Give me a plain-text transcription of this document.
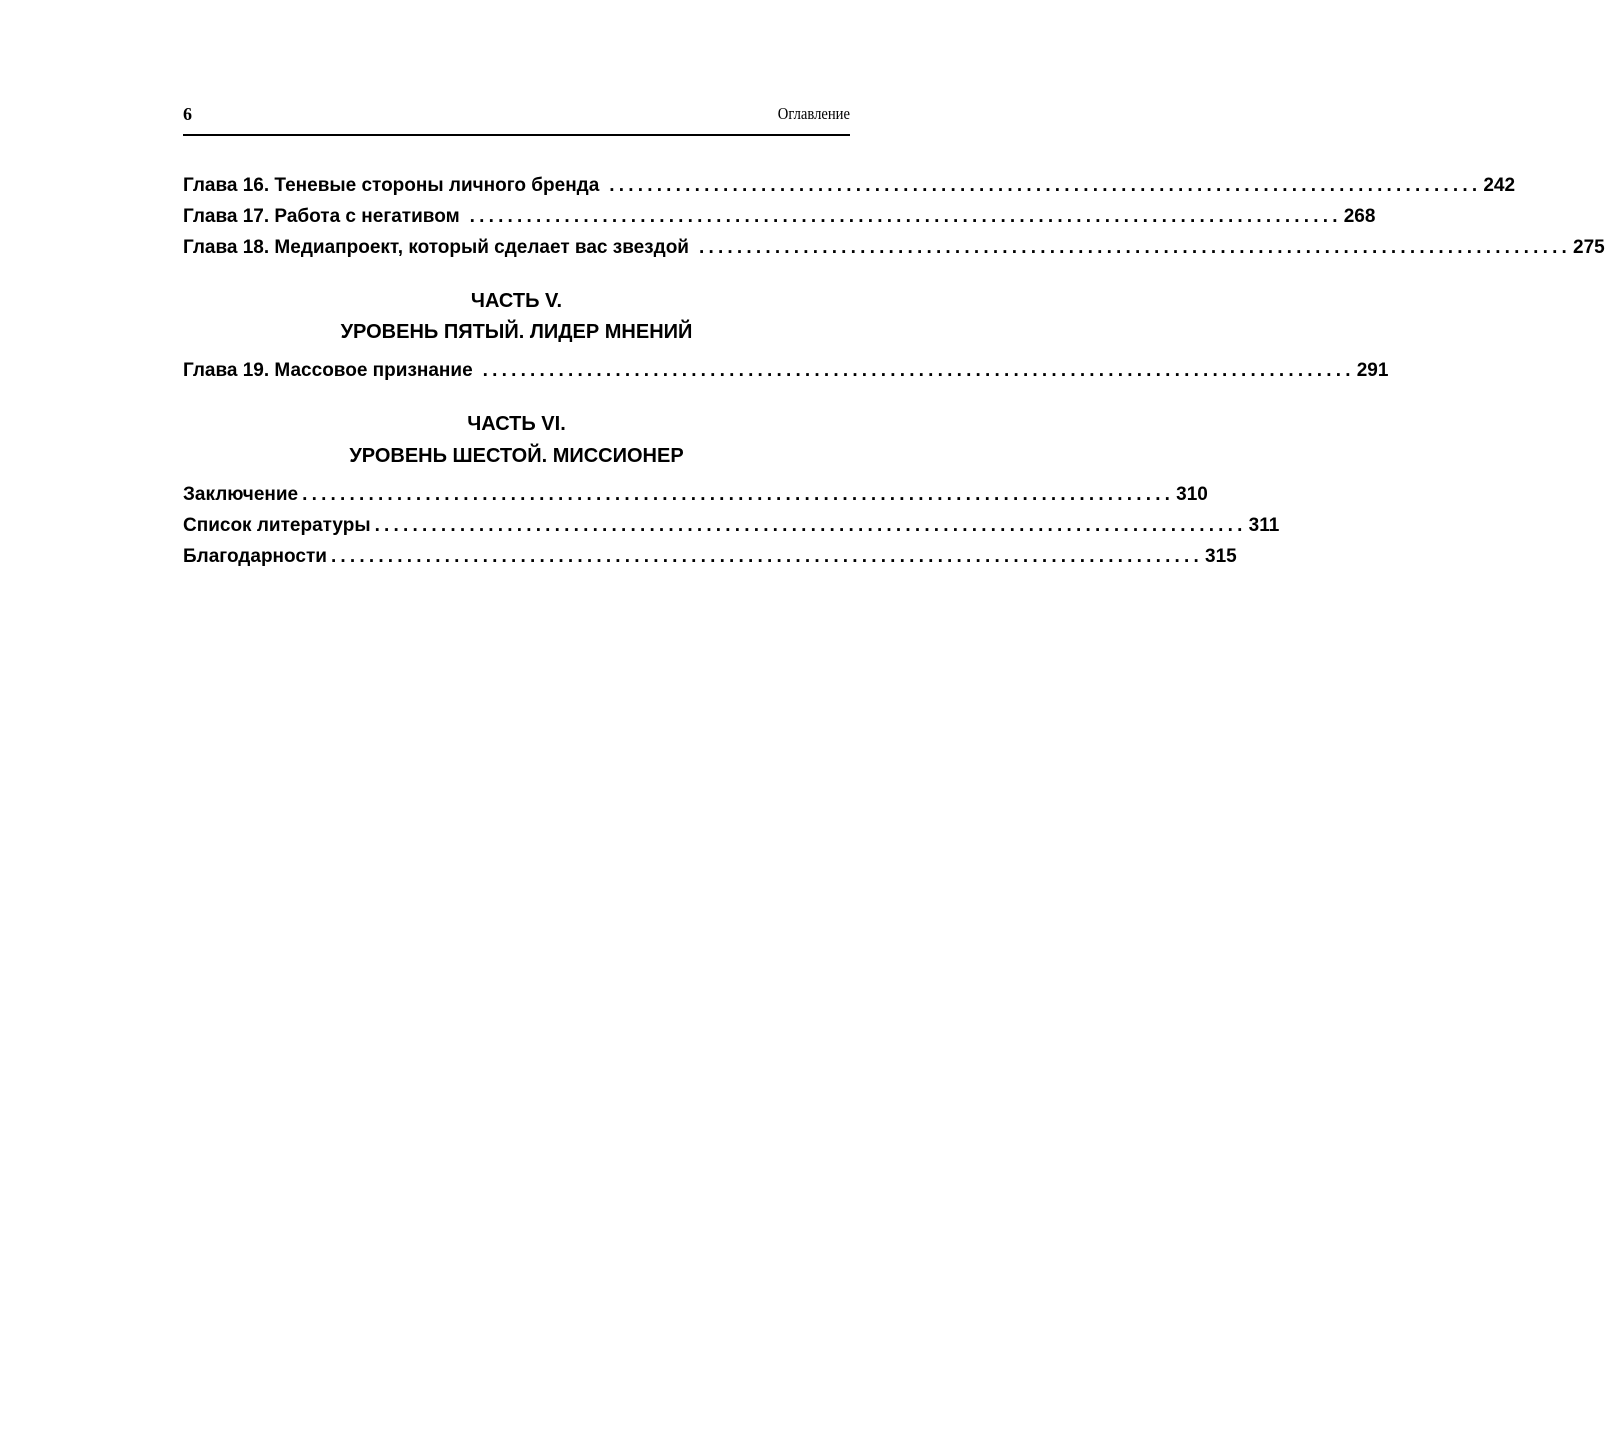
6	Оглавление
Глава 16. Теневые стороны личного бренда ............................................................................................ 242
Глава 17. Работа с негативом ............................................................................................ 268
Глава 18. Медиапроект, который сделает вас звездой ............................................................................................ 275
ЧАСТЬ V.
УРОВЕНЬ ПЯТЫЙ. ЛИДЕР МНЕНИЙ
Глава 19. Массовое признание ............................................................................................ 291
ЧАСТЬ VI.
УРОВЕНЬ ШЕСТОЙ. МИССИОНЕР
Заключение ............................................................................................ 310
Список литературы ............................................................................................ 311
Благодарности ............................................................................................ 315
